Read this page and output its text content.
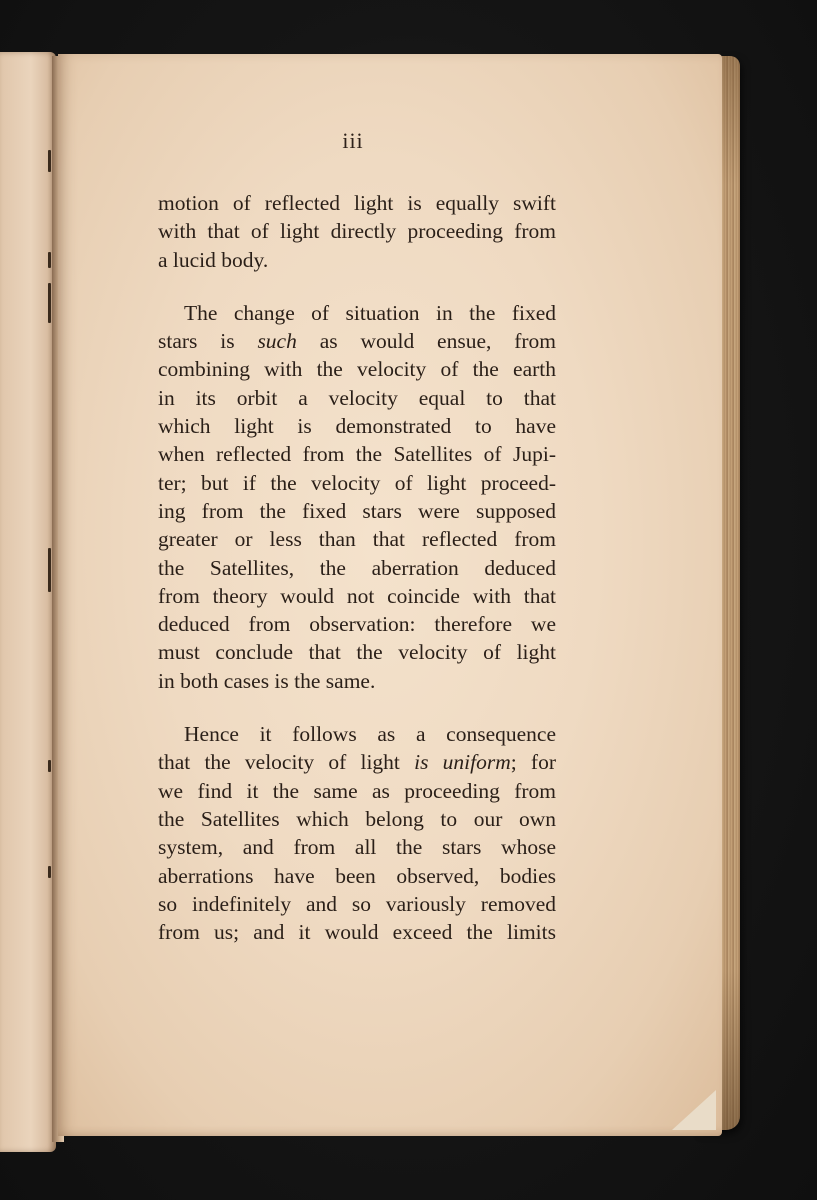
iii
motion of reflected light is equally swift
with that of light directly proceeding from
a lucid body.
The change of situation in the fixed
stars is such as would ensue, from
combining with the velocity of the earth
in its orbit a velocity equal to that
which light is demonstrated to have
when reflected from the Satellites of Jupi-
ter; but if the velocity of light proceed-
ing from the fixed stars were supposed
greater or less than that reflected from
the Satellites, the aberration deduced
from theory would not coincide with that
deduced from observation: therefore we
must conclude that the velocity of light
in both cases is the same.
Hence it follows as a consequence
that the velocity of light is uniform; for
we find it the same as proceeding from
the Satellites which belong to our own
system, and from all the stars whose
aberrations have been observed, bodies
so indefinitely and so variously removed
from us; and it would exceed the limits
